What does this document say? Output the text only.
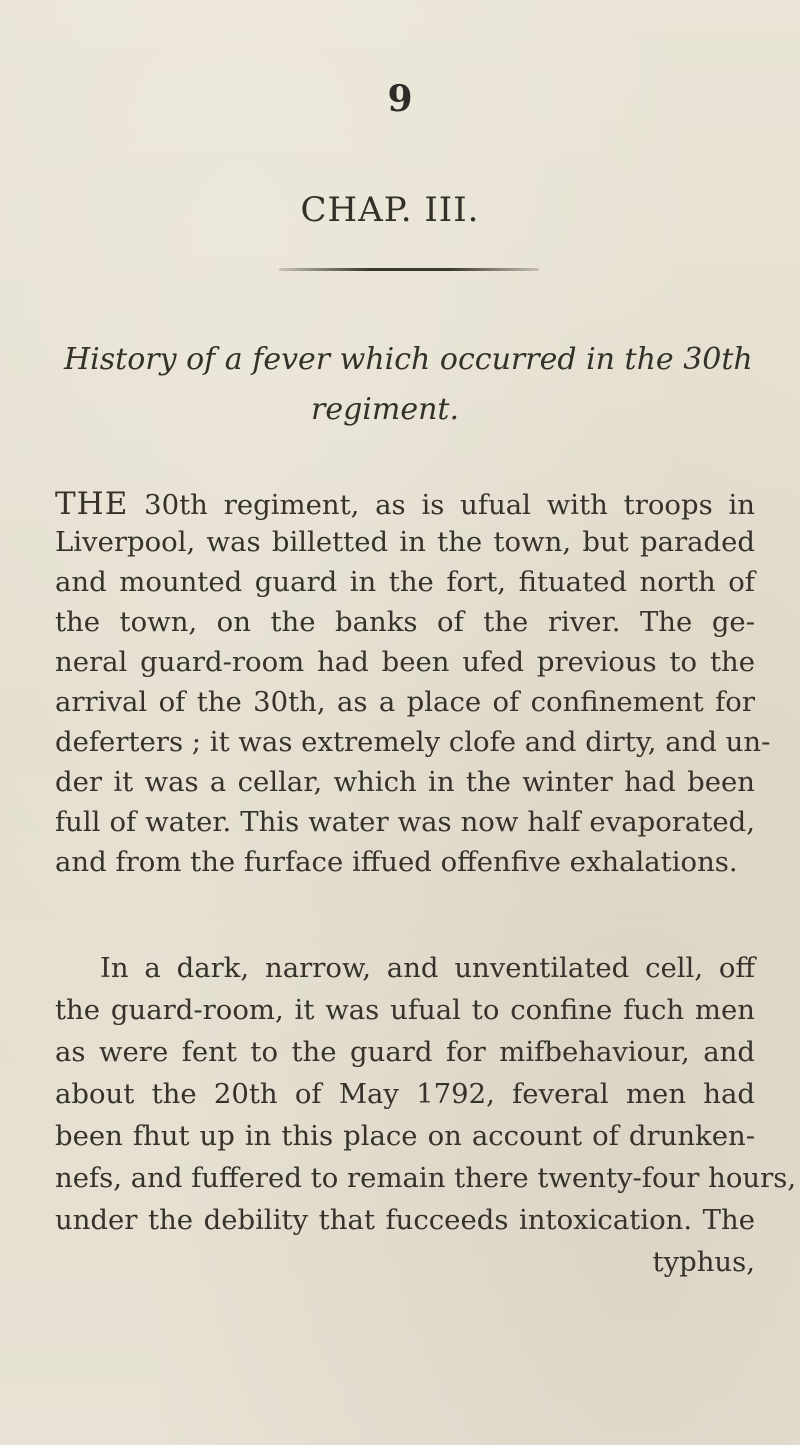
9
CHAP. III.
History of a fever which occurred in the 30th
regiment.
THE 30th regiment, as is ufual with troops in
Liverpool, was billetted in the town, but paraded
and mounted guard in the fort, fituated north of
the town, on the banks of the river. The ge-
neral guard-room had been ufed previous to the
arrival of the 30th, as a place of confinement for
deferters ; it was extremely clofe and dirty, and un-
der it was a cellar, which in the winter had been
full of water. This water was now half evaporated,
and from the furface iffued offenfive exhalations.
In a dark, narrow, and unventilated cell, off
the guard-room, it was ufual to confine fuch men
as were fent to the guard for mifbehaviour, and
about the 20th of May 1792, feveral men had
been fhut up in this place on account of drunken-
nefs, and fuffered to remain there twenty-four hours,
under the debility that fucceeds intoxication. The
typhus,
